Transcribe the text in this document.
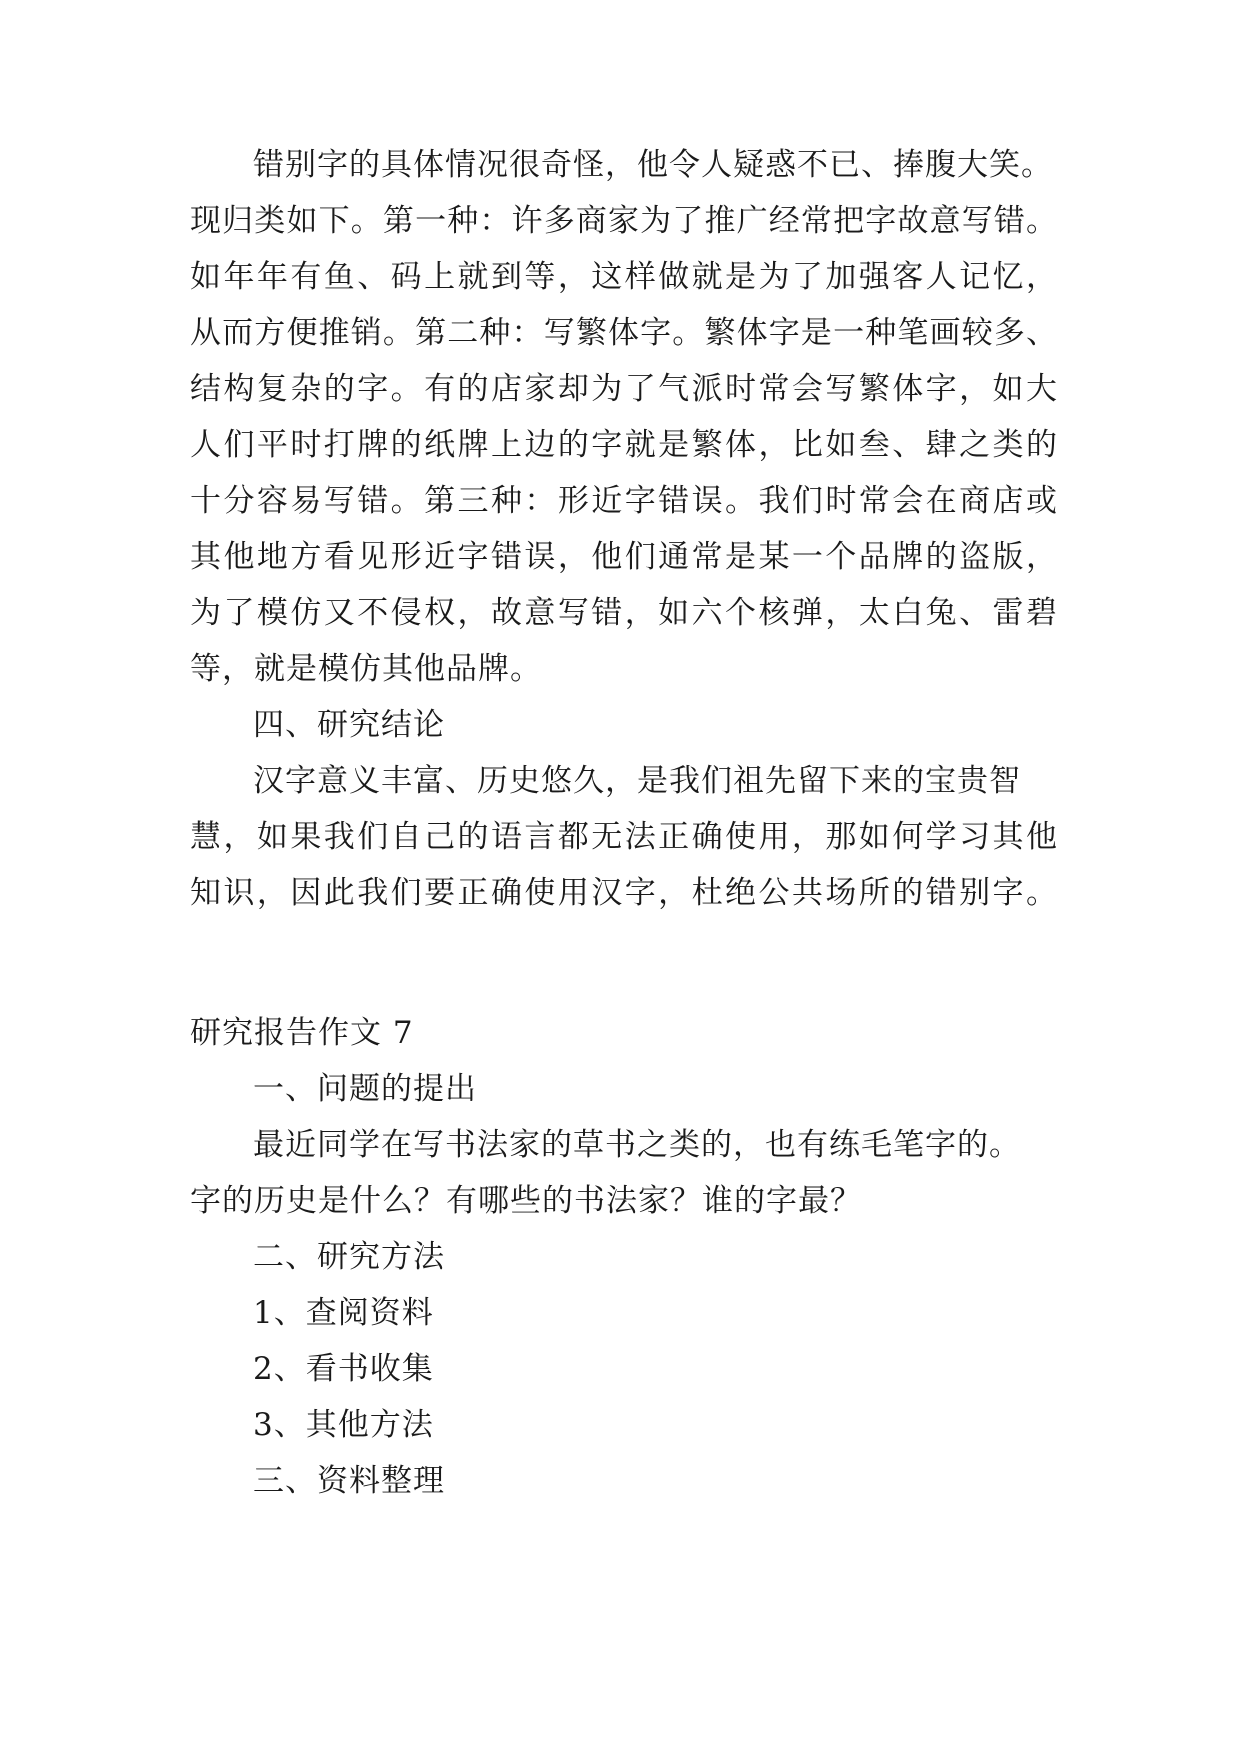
错别字的具体情况很奇怪，他令人疑惑不已、捧腹大笑。
现归类如下。第一种：许多商家为了推广经常把字故意写错。
如年年有鱼、码上就到等，这样做就是为了加强客人记忆，
从而方便推销。第二种：写繁体字。繁体字是一种笔画较多、
结构复杂的字。有的店家却为了气派时常会写繁体字，如大
人们平时打牌的纸牌上边的字就是繁体，比如叁、肆之类的
十分容易写错。第三种：形近字错误。我们时常会在商店或
其他地方看见形近字错误，他们通常是某一个品牌的盗版，
为了模仿又不侵权，故意写错，如六个核弹，太白兔、雷碧
等，就是模仿其他品牌。
四、研究结论
汉字意义丰富、历史悠久，是我们祖先留下来的宝贵智
慧，如果我们自己的语言都无法正确使用，那如何学习其他
知识，因此我们要正确使用汉字，杜绝公共场所的错别字。
研究报告作文 7
一、问题的提出
最近同学在写书法家的草书之类的，也有练毛笔字的。
字的历史是什么？有哪些的书法家？谁的字最？
二、研究方法
1、查阅资料
2、看书收集
3、其他方法
三、资料整理
